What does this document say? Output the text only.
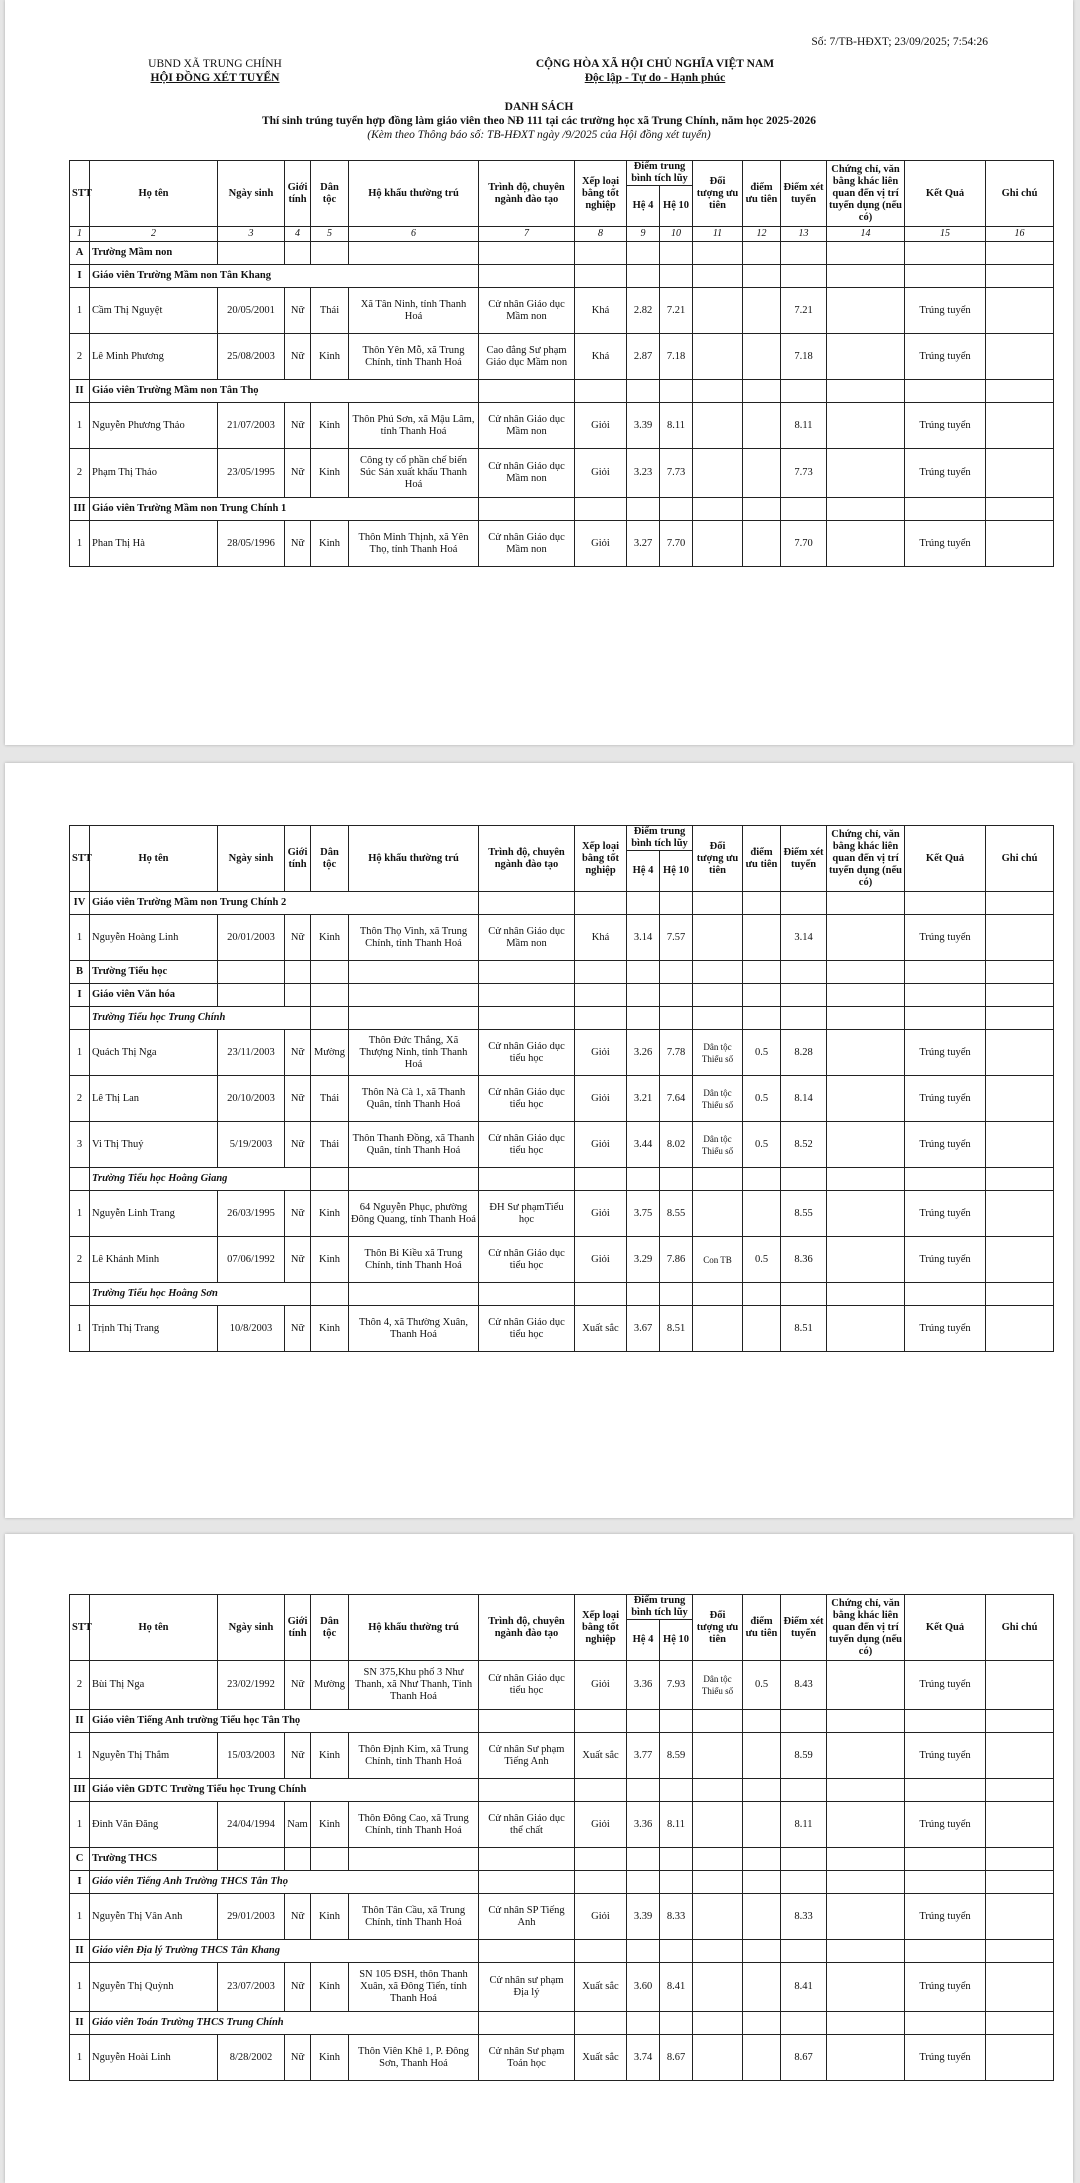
Số: 7/TB-HĐXT; 23/09/2025; 7:54:26
UBND XÃ TRUNG CHÍNH
HỘI ĐỒNG XÉT TUYỂN
CỘNG HÒA XÃ HỘI CHỦ NGHĨA VIỆT NAM
Độc lập - Tự do - Hạnh phúc
DANH SÁCH
Thí sinh trúng tuyển hợp đồng làm giáo viên theo NĐ 111 tại các trường học xã Trung Chính, năm học 2025-2026
(Kèm theo Thông báo số: TB-HĐXT ngày /9/2025 của Hội đồng xét tuyển)
STT	Họ tên	Ngày sinh	Giới tính	Dân tộc	Hộ khẩu thường trú	Trình độ, chuyên ngành đào tạo	Xếp loại bằng tốt nghiệp	Điểm trung bình tích lũy		Đối tượng ưu tiên	điểm ưu tiên	Điểm xét tuyển	Chứng chỉ, văn bằng khác liên quan đến vị trí tuyển dụng (nếu có)	Kết Quả	Ghi chú
								Hệ 4	Hệ 10						
1	2	3	4	5	6	7	8	9	10	11	12	13	14	15	16
A	Trường Mầm non														
I	Giáo viên Trường Mầm non Tân Khang														
1	Cầm Thị Nguyệt	20/05/2001	Nữ	Thái	Xã Tân Ninh, tỉnh Thanh Hoá	Cử nhân Giáo dục Mầm non	Khá	2.82	7.21			7.21		Trúng tuyển	
2	Lê Minh Phương	25/08/2003	Nữ	Kinh	Thôn Yên Mỗ, xã Trung Chính, tỉnh Thanh Hoá	Cao đẳng Sư phạm Giáo dục Mầm non	Khá	2.87	7.18			7.18		Trúng tuyển	
II	Giáo viên Trường Mầm non Tân Thọ														
1	Nguyễn Phương Thảo	21/07/2003	Nữ	Kinh	Thôn Phú Sơn, xã Mậu Lâm, tỉnh Thanh Hoá	Cử nhân Giáo dục Mầm non	Giỏi	3.39	8.11			8.11		Trúng tuyển	
2	Phạm Thị Thảo	23/05/1995	Nữ	Kinh	Công ty cổ phần chế biến Súc Sản xuất khẩu Thanh Hoá	Cử nhân Giáo dục Mầm non	Giỏi	3.23	7.73			7.73		Trúng tuyển	
III	Giáo viên Trường Mầm non Trung Chính 1														
1	Phan Thị Hà	28/05/1996	Nữ	Kinh	Thôn Minh Thịnh, xã Yên Thọ, tỉnh Thanh Hoá	Cử nhân Giáo dục Mầm non	Giỏi	3.27	7.70			7.70		Trúng tuyển	
STT	Họ tên	Ngày sinh	Giới tính	Dân tộc	Hộ khẩu thường trú	Trình độ, chuyên ngành đào tạo	Xếp loại bằng tốt nghiệp	Điểm trung bình tích lũy		Đối tượng ưu tiên	điểm ưu tiên	Điểm xét tuyển	Chứng chỉ, văn bằng khác liên quan đến vị trí tuyển dụng (nếu có)	Kết Quả	Ghi chú
								Hệ 4	Hệ 10						
IV	Giáo viên Trường Mầm non Trung Chính 2														
1	Nguyễn Hoàng Linh	20/01/2003	Nữ	Kinh	Thôn Thọ Vinh, xã Trung Chính, tỉnh Thanh Hoá	Cử nhân Giáo dục Mầm non	Khá	3.14	7.57			3.14		Trúng tuyển	
B	Trường Tiểu học														
I	Giáo viên Văn hóa														
	Trường Tiểu học Trung Chính														
1	Quách Thị Nga	23/11/2003	Nữ	Mường	Thôn Đức Thắng, Xã Thượng Ninh, tỉnh Thanh Hoá	Cử nhân Giáo dục tiểu học	Giỏi	3.26	7.78	Dân tộc Thiểu số	0.5	8.28		Trúng tuyển	
2	Lê Thị Lan	20/10/2003	Nữ	Thái	Thôn Nà Cà 1, xã Thanh Quân, tỉnh Thanh Hoá	Cử nhân Giáo dục tiểu học	Giỏi	3.21	7.64	Dân tộc Thiểu số	0.5	8.14		Trúng tuyển	
3	Vi Thị Thuý	5/19/2003	Nữ	Thái	Thôn Thanh Đồng, xã Thanh Quân, tỉnh Thanh Hoá	Cử nhân Giáo dục tiểu học	Giỏi	3.44	8.02	Dân tộc Thiểu số	0.5	8.52		Trúng tuyển	
	Trường Tiểu học Hoằng Giang														
1	Nguyễn Linh Trang	26/03/1995	Nữ	Kinh	64 Nguyễn Phục, phường Đông Quang, tỉnh Thanh Hoá	ĐH Sư phạmTiểu học	Giỏi	3.75	8.55			8.55		Trúng tuyển	
2	Lê Khánh Minh	07/06/1992	Nữ	Kinh	Thôn Bi Kiều xã Trung Chính, tỉnh Thanh Hoá	Cử nhân Giáo dục tiểu học	Giỏi	3.29	7.86	Con TB	0.5	8.36		Trúng tuyển	
	Trường Tiểu học Hoằng Sơn														
1	Trịnh Thị Trang	10/8/2003	Nữ	Kinh	Thôn 4, xã Thường Xuân, Thanh Hoá	Cử nhân Giáo dục tiểu học	Xuất sắc	3.67	8.51			8.51		Trúng tuyển	
STT	Họ tên	Ngày sinh	Giới tính	Dân tộc	Hộ khẩu thường trú	Trình độ, chuyên ngành đào tạo	Xếp loại bằng tốt nghiệp	Điểm trung bình tích lũy		Đối tượng ưu tiên	điểm ưu tiên	Điểm xét tuyển	Chứng chỉ, văn bằng khác liên quan đến vị trí tuyển dụng (nếu có)	Kết Quả	Ghi chú
								Hệ 4	Hệ 10						
2	Bùi Thị Nga	23/02/1992	Nữ	Mường	SN 375,Khu phố 3 Như Thanh, xã Như Thanh, Tỉnh Thanh Hoá	Cử nhân Giáo dục tiểu học	Giỏi	3.36	7.93	Dân tộc Thiểu số	0.5	8.43		Trúng tuyển	
II	Giáo viên Tiếng Anh trường Tiểu học Tân Thọ														
1	Nguyễn Thị Thắm	15/03/2003	Nữ	Kinh	Thôn Định Kim, xã Trung Chính, tỉnh Thanh Hoá	Cử nhân Sư phạm Tiếng Anh	Xuất sắc	3.77	8.59			8.59		Trúng tuyển	
III	Giáo viên GDTC Trường Tiểu học Trung Chính														
1	Đinh Văn Đăng	24/04/1994	Nam	Kinh	Thôn Đông Cao, xã Trung Chính, tỉnh Thanh Hoá	Cử nhân Giáo dục thể chất	Giỏi	3.36	8.11			8.11		Trúng tuyển	
C	Trường THCS														
I	Giáo viên Tiếng Anh Trường THCS Tân Thọ														
1	Nguyễn Thị Vân Anh	29/01/2003	Nữ	Kinh	Thôn Tân Cầu, xã Trung Chính, tỉnh Thanh Hoá	Cử nhân SP Tiếng Anh	Giỏi	3.39	8.33			8.33		Trúng tuyển	
II	Giáo viên Địa lý Trường THCS Tân Khang														
1	Nguyễn Thị Quỳnh	23/07/2003	Nữ	Kinh	SN 105 ĐSH, thôn Thanh Xuân, xã Đông Tiến, tỉnh Thanh Hoá	Cử nhân sư phạm Địa lý	Xuất sắc	3.60	8.41			8.41		Trúng tuyển	
II	Giáo viên Toán Trường THCS Trung Chính														
1	Nguyễn Hoài Linh	8/28/2002	Nữ	Kinh	Thôn Viên Khê 1, P. Đông Sơn, Thanh Hoá	Cử nhân Sư phạm Toán học	Xuất sắc	3.74	8.67			8.67		Trúng tuyển	
